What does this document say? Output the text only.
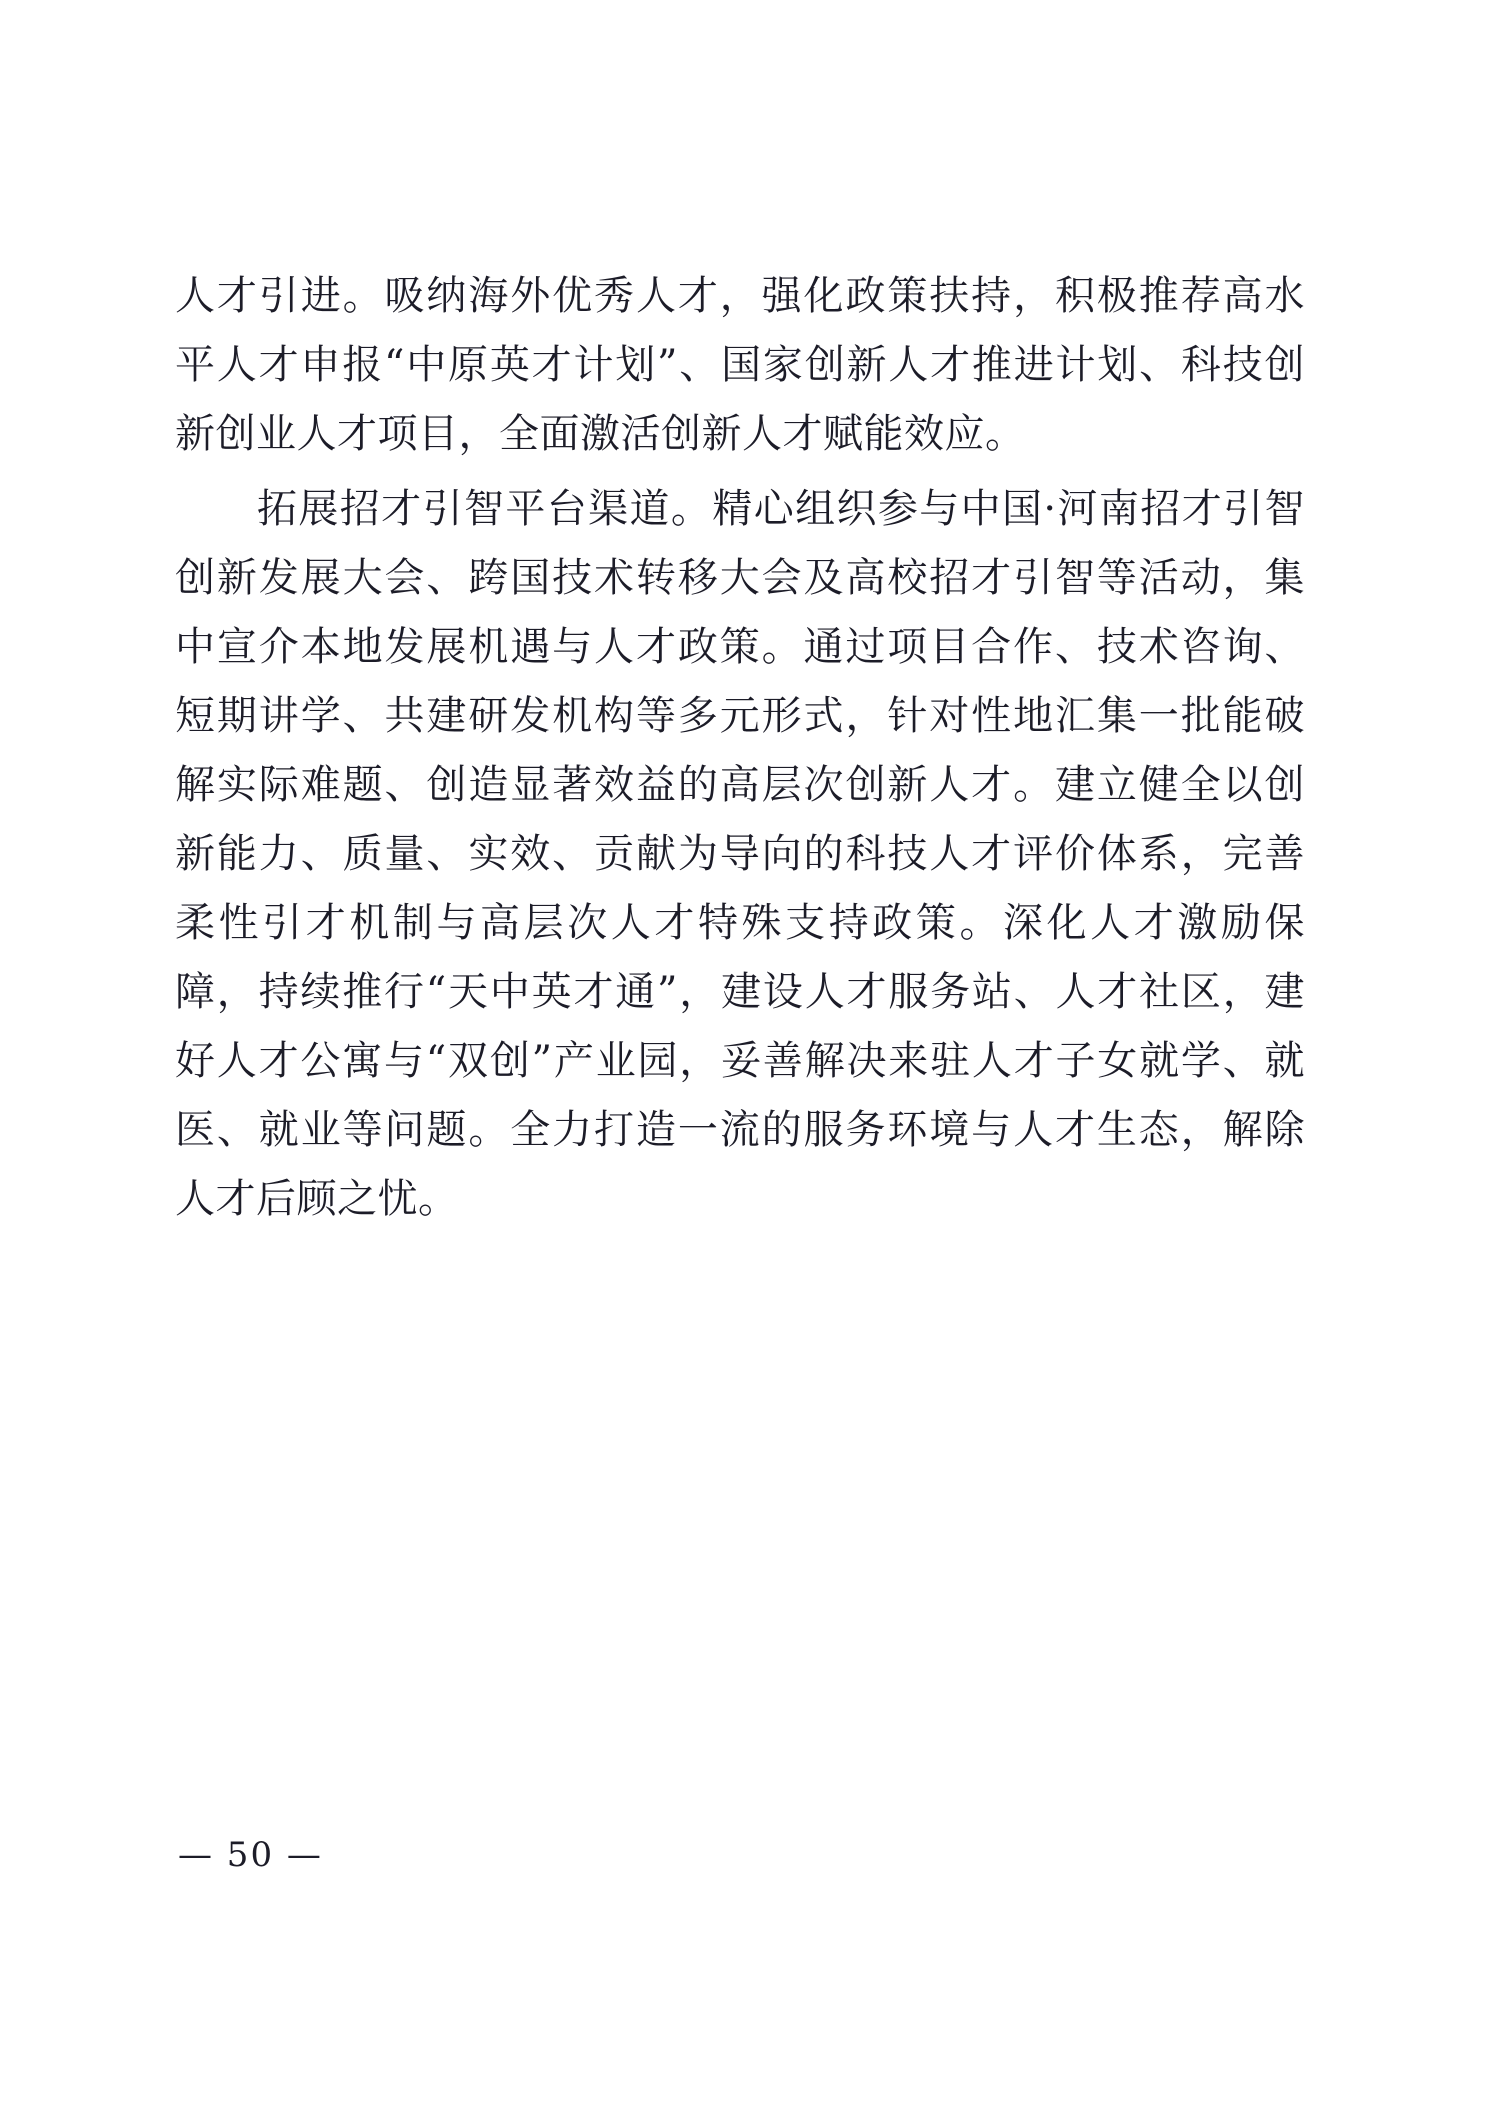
人才引进。吸纳海外优秀人才，强化政策扶持，积极推荐高水平人才申报“中原英才计划”、国家创新人才推进计划、科技创新创业人才项目，全面激活创新人才赋能效应。

拓展招才引智平台渠道。精心组织参与中国·河南招才引智创新发展大会、跨国技术转移大会及高校招才引智等活动，集中宣介本地发展机遇与人才政策。通过项目合作、技术咨询、短期讲学、共建研发机构等多元形式，针对性地汇集一批能破解实际难题、创造显著效益的高层次创新人才。建立健全以创新能力、质量、实效、贡献为导向的科技人才评价体系，完善柔性引才机制与高层次人才特殊支持政策。深化人才激励保障，持续推行“天中英才通”，建设人才服务站、人才社区，建好人才公寓与“双创”产业园，妥善解决来驻人才子女就学、就医、就业等问题。全力打造一流的服务环境与人才生态，解除人才后顾之忧。

— 50 —
